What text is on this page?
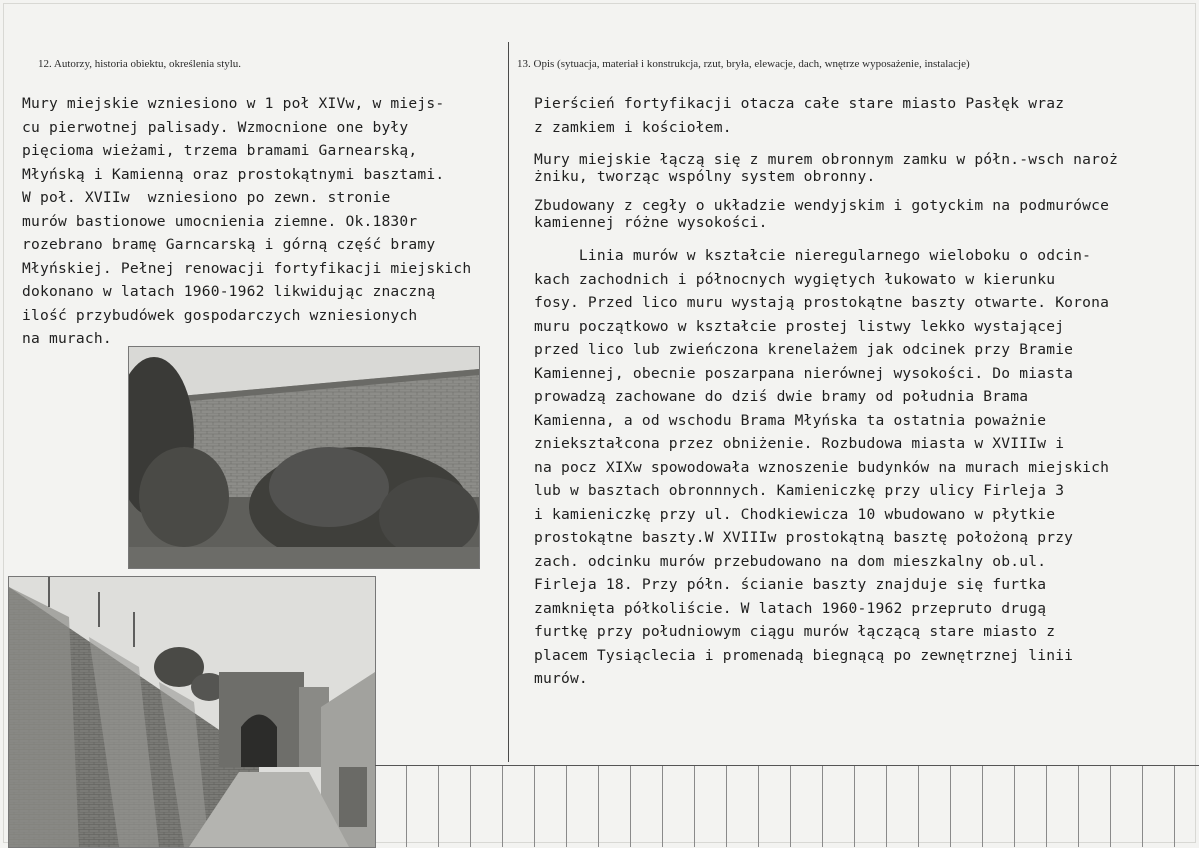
12. Autorzy, historia obiektu, określenia stylu.	13. Opis (sytuacja, materiał i konstrukcja, rzut, bryła, elewacje, dach, wnętrze wyposażenie, instalacje)
Mury miejskie wzniesiono w 1 poł XIVw, w miejs-
cu pierwotnej palisady. Wzmocnione one były
pięcioma wieżami, trzema bramami Garnearską,
Młyńską i Kamienną oraz prostokątnymi basztami.
W poł. XVIIw  wzniesiono po zewn. stronie
murów bastionowe umocnienia ziemne. Ok.1830r
rozebrano bramę Garncarską i górną część bramy
Młyńskiej. Pełnej renowacji fortyfikacji miejskich
dokonano w latach 1960-1962 likwidując znaczną
ilość przybudówek gospodarczych wzniesionych
na murach.
Pierścień fortyfikacji otacza całe stare miasto Pasłęk wraz
z zamkiem i kościołem.
Mury miejskie łączą się z murem obronnym zamku w półn.-wsch naroż
żniku, tworząc wspólny system obronny.
Zbudowany z cegły o układzie wendyjskim i gotyckim na podmurówce
kamiennej różne wysokości.
Linia murów w kształcie nieregularnego wieloboku o odcin-
kach zachodnich i północnych wygiętych łukowato w kierunku
fosy. Przed lico muru wystają prostokątne baszty otwarte. Korona
muru początkowo w kształcie prostej listwy lekko wystającej
przed lico lub zwieńczona krenelażem jak odcinek przy Bramie
Kamiennej, obecnie poszarpana nierównej wysokości. Do miasta
prowadzą zachowane do dziś dwie bramy od południa Brama
Kamienna, a od wschodu Brama Młyńska ta ostatnia poważnie
zniekształcona przez obniżenie. Rozbudowa miasta w XVIIIw i
na pocz XIXw spowodowała wznoszenie budynków na murach miejskich
lub w basztach obronnnych. Kamieniczkę przy ulicy Firleja 3
i kamieniczkę przy ul. Chodkiewicza 10 wbudowano w płytkie
prostokątne baszty.W XVIIIw prostokątną basztę położoną przy
zach. odcinku murów przebudowano na dom mieszkalny ob.ul.
Firleja 18. Przy półn. ścianie baszty znajduje się furtka
zamknięta półkoliście. W latach 1960-1962 przepruto drugą
furtkę przy południowym ciągu murów łączącą stare miasto z
placem Tysiąclecia i promenadą biegnącą po zewnętrznej linii
murów.
